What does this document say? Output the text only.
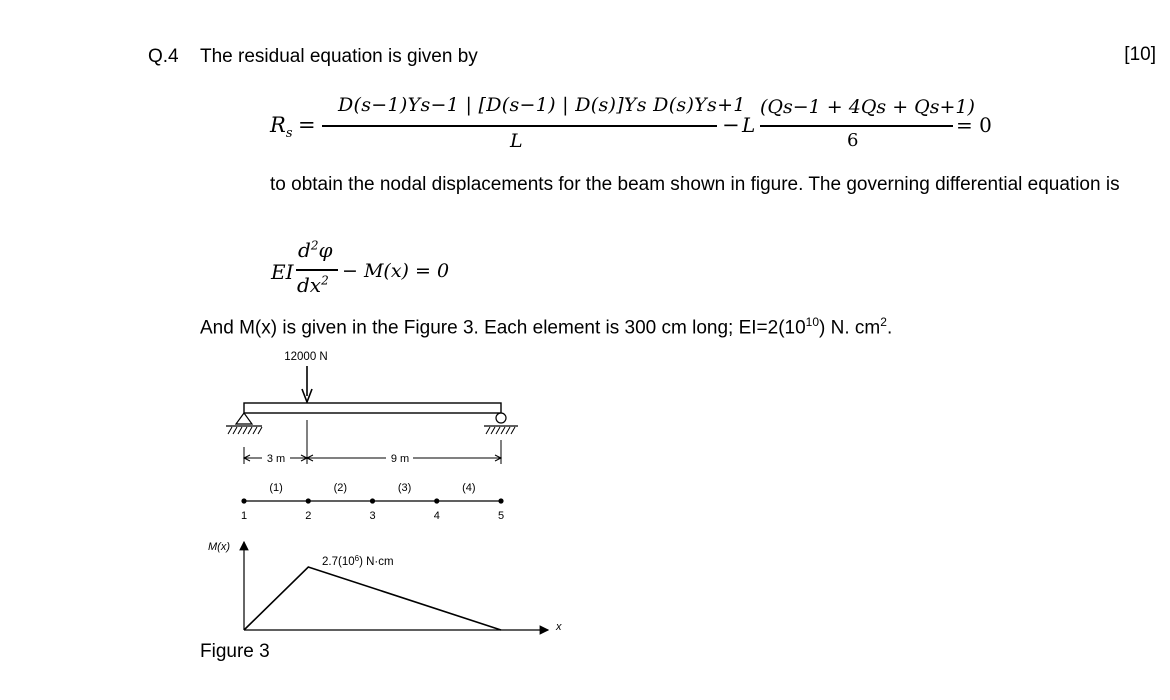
Q.4 The residual equation is given by	[10]
$R_s$ =
D(s−1)Ys−1 | [D(s−1) | D(s)]Ys D(s)Ys+1
L
− L
(Qs−1 + 4Qs + Qs+1)
6
= 0
to obtain the nodal displacements for the beam shown in figure. The governing differential equation is
EI
$d^2\varphi$
$dx^2 - M(x) = 0$
And M(x) is given in the Figure 3. Each element is 300 cm long; $EI=2(10^{10})$ N. $cm^2$.
12000 N
3 m	9 m
1	2	3	4	5
(1)	(2)	(3)	(4)
M(x)
x
$2.7(10^6)$ N·cm
Figure 3
